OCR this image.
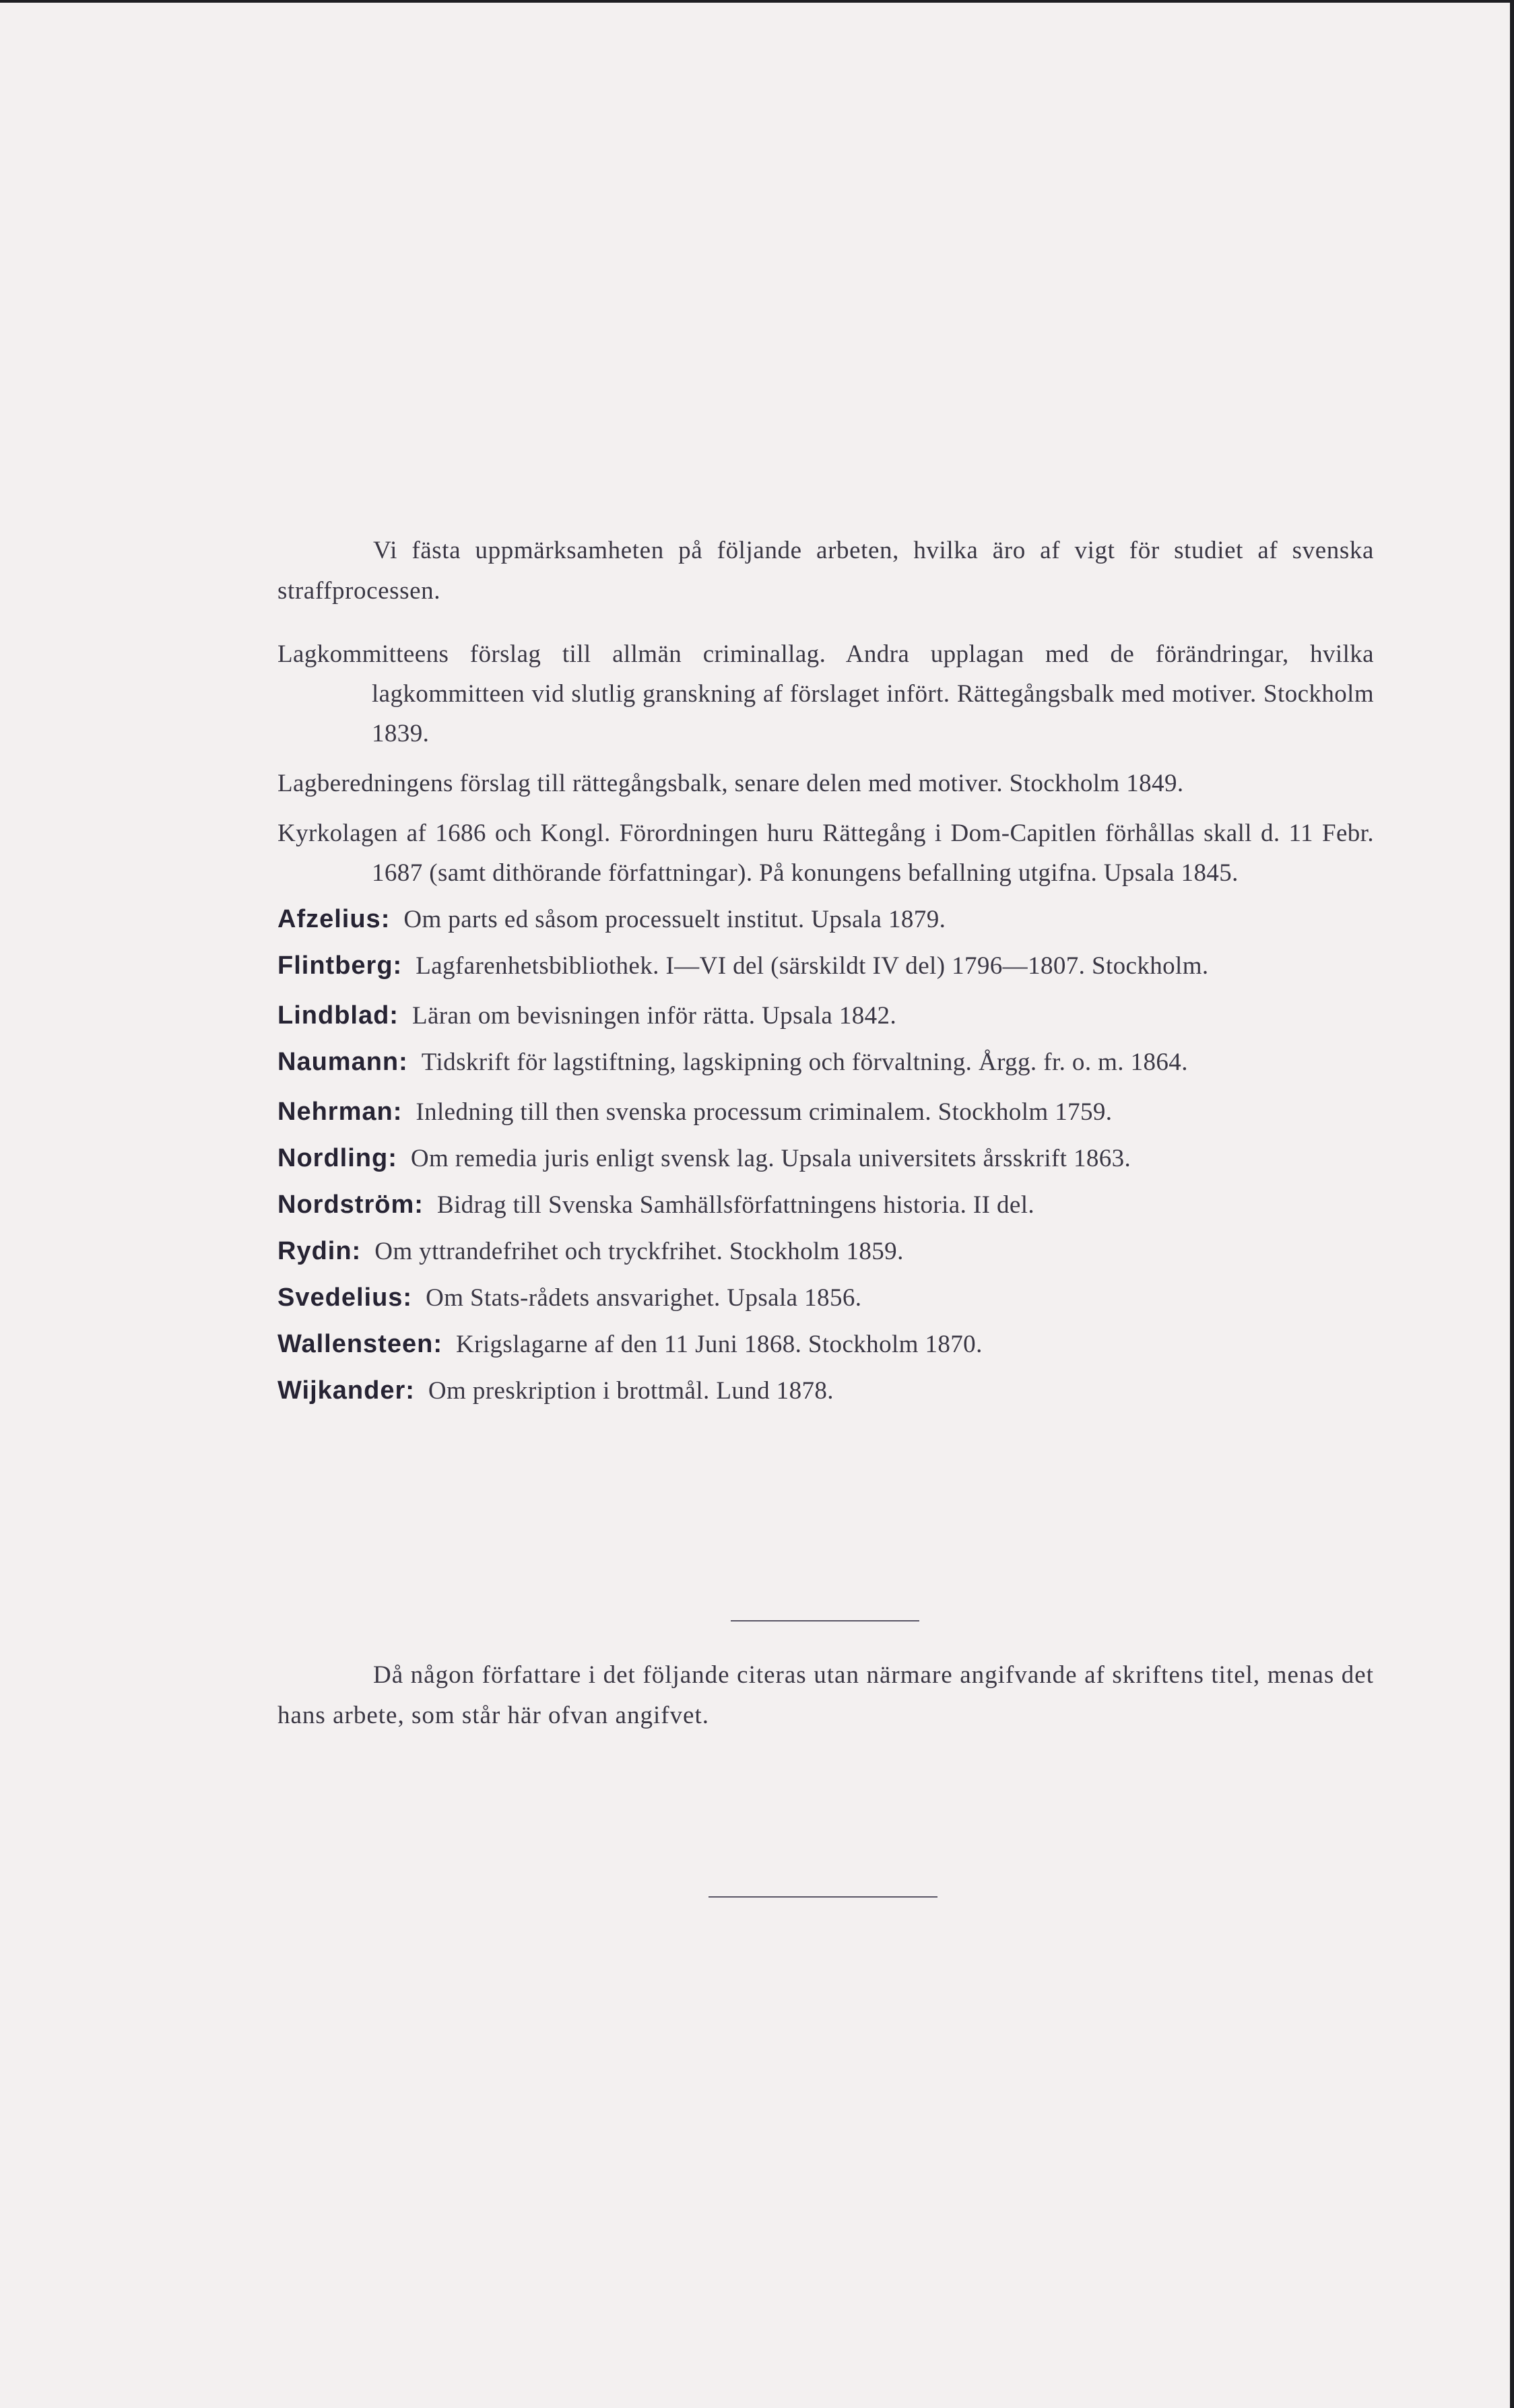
Vi fästa uppmärksamheten på följande arbeten, hvilka äro af vigt för studiet af svenska straffprocessen.

Lagkommitteens förslag till allmän criminallag. Andra upplagan med de förändringar, hvilka lagkommitteen vid slutlig granskning af förslaget infört. Rättegångsbalk med motiver. Stockholm 1839.

Lagberedningens förslag till rättegångsbalk, senare delen med motiver. Stockholm 1849.

Kyrkolagen af 1686 och Kongl. Förordningen huru Rättegång i Dom-Capitlen förhållas skall d. 11 Febr. 1687 (samt dithörande författningar). På konungens befallning utgifna. Upsala 1845.

Afzelius: Om parts ed såsom processuelt institut. Upsala 1879.

Flintberg: Lagfarenhetsbibliothek. I—VI del (särskildt IV del) 1796—1807. Stockholm.

Lindblad: Läran om bevisningen inför rätta. Upsala 1842.

Naumann: Tidskrift för lagstiftning, lagskipning och förvaltning. Årgg. fr. o. m. 1864.

Nehrman: Inledning till then svenska processum criminalem. Stockholm 1759.

Nordling: Om remedia juris enligt svensk lag. Upsala universitets årsskrift 1863.

Nordström: Bidrag till Svenska Samhällsförfattningens historia. II del.

Rydin: Om yttrandefrihet och tryckfrihet. Stockholm 1859.

Svedelius: Om Stats-rådets ansvarighet. Upsala 1856.

Wallensteen: Krigslagarne af den 11 Juni 1868. Stockholm 1870.

Wijkander: Om preskription i brottmål. Lund 1878.

Då någon författare i det följande citeras utan närmare angifvande af skriftens titel, menas det hans arbete, som står här ofvan angifvet.
